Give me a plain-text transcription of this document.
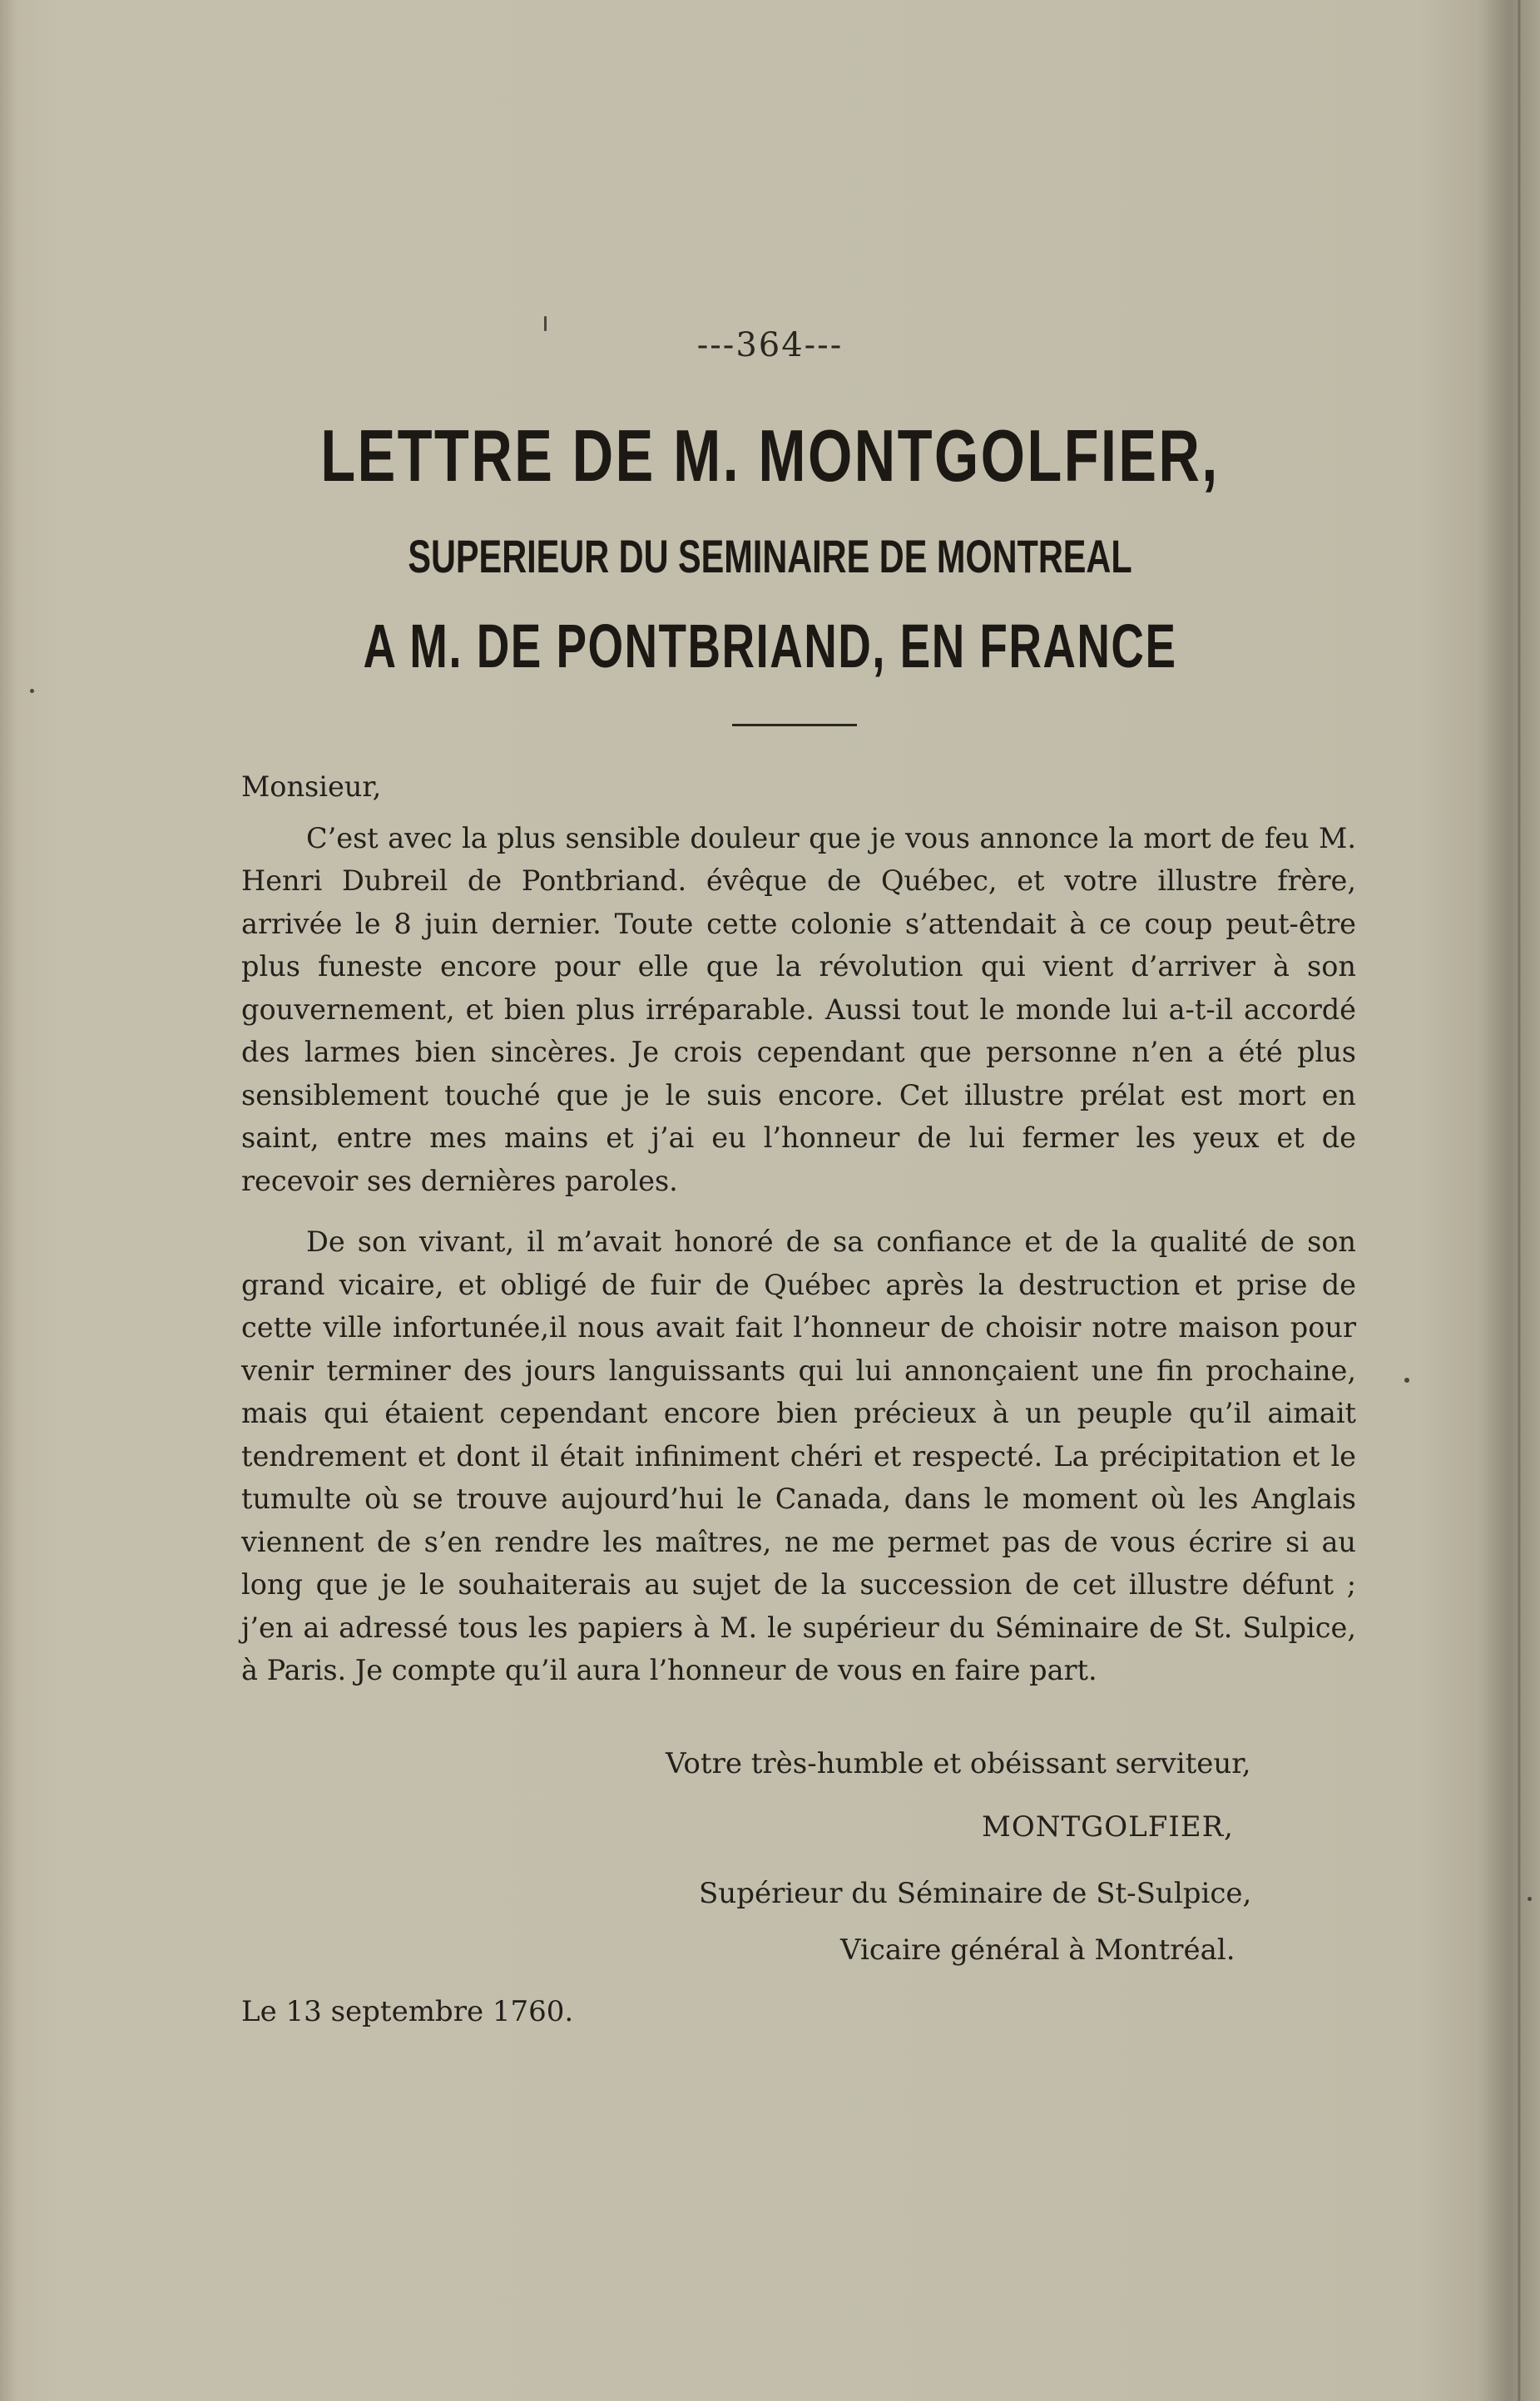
---364---
LETTRE DE M. MONTGOLFIER,
SUPERIEUR DU SEMINAIRE DE MONTREAL
A M. DE PONTBRIAND, EN FRANCE

Monsieur,

C’est avec la plus sensible douleur que je vous annonce la mort de feu M. Henri Dubreil de Pontbriand. évêque de Québec, et votre illustre frère, arrivée le 8 juin dernier. Toute cette colonie s’attendait à ce coup peut-être plus funeste encore pour elle que la révolution qui vient d’arriver à son gouvernement, et bien plus irréparable. Aussi tout le monde lui a-t-il accordé des larmes bien sincères. Je crois cependant que personne n’en a été plus sensiblement touché que je le suis encore. Cet illustre prélat est mort en saint, entre mes mains et j’ai eu l’honneur de lui fermer les yeux et de recevoir ses dernières paroles.

De son vivant, il m’avait honoré de sa confiance et de la qualité de son grand vicaire, et obligé de fuir de Québec après la destruction et prise de cette ville infortunée,il nous avait fait l’honneur de choisir notre maison pour venir terminer des jours languissants qui lui annonçaient une fin prochaine, mais qui étaient cependant encore bien précieux à un peuple qu’il aimait tendrement et dont il était infiniment chéri et respecté. La précipitation et le tumulte où se trouve aujourd’hui le Canada, dans le moment où les Anglais viennent de s’en rendre les maîtres, ne me permet pas de vous écrire si au long que je le souhaiterais au sujet de la succession de cet illustre défunt ; j’en ai adressé tous les papiers à M. le supérieur du Séminaire de St. Sulpice, à Paris. Je compte qu’il aura l’honneur de vous en faire part.

Votre très-humble et obéissant serviteur,
MONTGOLFIER,
Supérieur du Séminaire de St-Sulpice,
Vicaire général à Montréal.
Le 13 septembre 1760.
